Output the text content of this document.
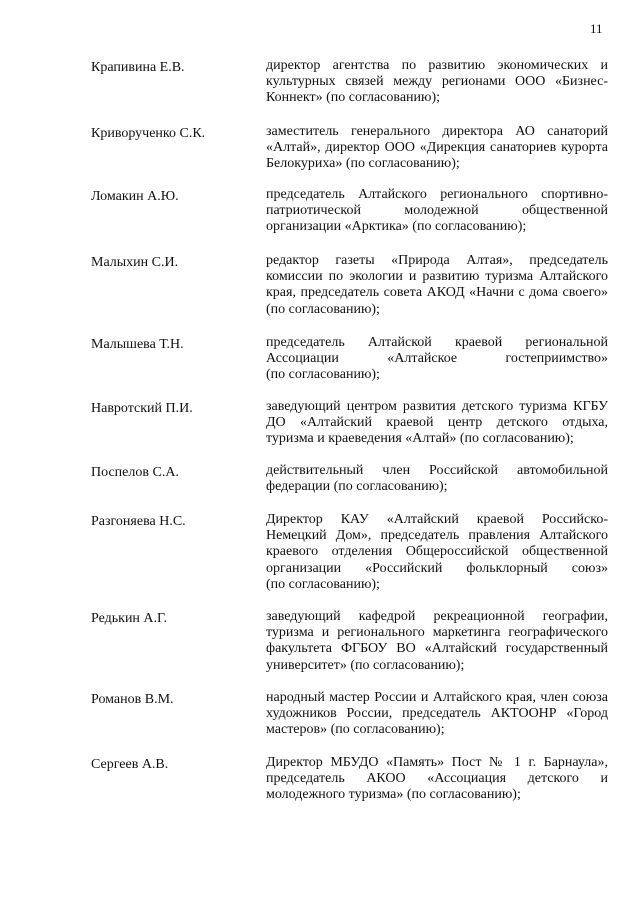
11
Крапивина Е.В.	директор агентства по развитию экономических и
культурных связей между регионами ООО «Бизнес-
Коннект» (по согласованию);
Криворученко С.К.	заместитель генерального директора АО санаторий
«Алтай», директор ООО «Дирекция санаториев курорта
Белокуриха» (по согласованию);
Ломакин А.Ю.	председатель Алтайского регионального спортивно-
патриотической молодежной общественной
организации «Арктика» (по согласованию);
Малыхин С.И.	редактор газеты «Природа Алтая», председатель
комиссии по экологии и развитию туризма Алтайского
края, председатель совета АКОД «Начни с дома своего»
(по согласованию);
Малышева Т.Н.	председатель Алтайской краевой региональной
Ассоциации «Алтайское гостеприимство»
(по согласованию);
Навротский П.И.	заведующий центром развития детского туризма КГБУ
ДО «Алтайский краевой центр детского отдыха,
туризма и краеведения «Алтай» (по согласованию);
Поспелов С.А.	действительный член Российской автомобильной
федерации (по согласованию);
Разгоняева Н.С.	Директор КАУ «Алтайский краевой Российско-
Немецкий Дом», председатель правления Алтайского
краевого отделения Общероссийской общественной
организации «Российский фольклорный союз»
(по согласованию);
Редькин А.Г.	заведующий кафедрой рекреационной географии,
туризма и регионального маркетинга географического
факультета ФГБОУ ВО «Алтайский государственный
университет» (по согласованию);
Романов В.М.	народный мастер России и Алтайского края, член союза
художников России, председатель АКТООНР «Город
мастеров» (по согласованию);
Сергеев А.В.	Директор МБУДО «Память» Пост № 1 г. Барнаула»,
председатель АКОО «Ассоциация детского и
молодежного туризма» (по согласованию);
